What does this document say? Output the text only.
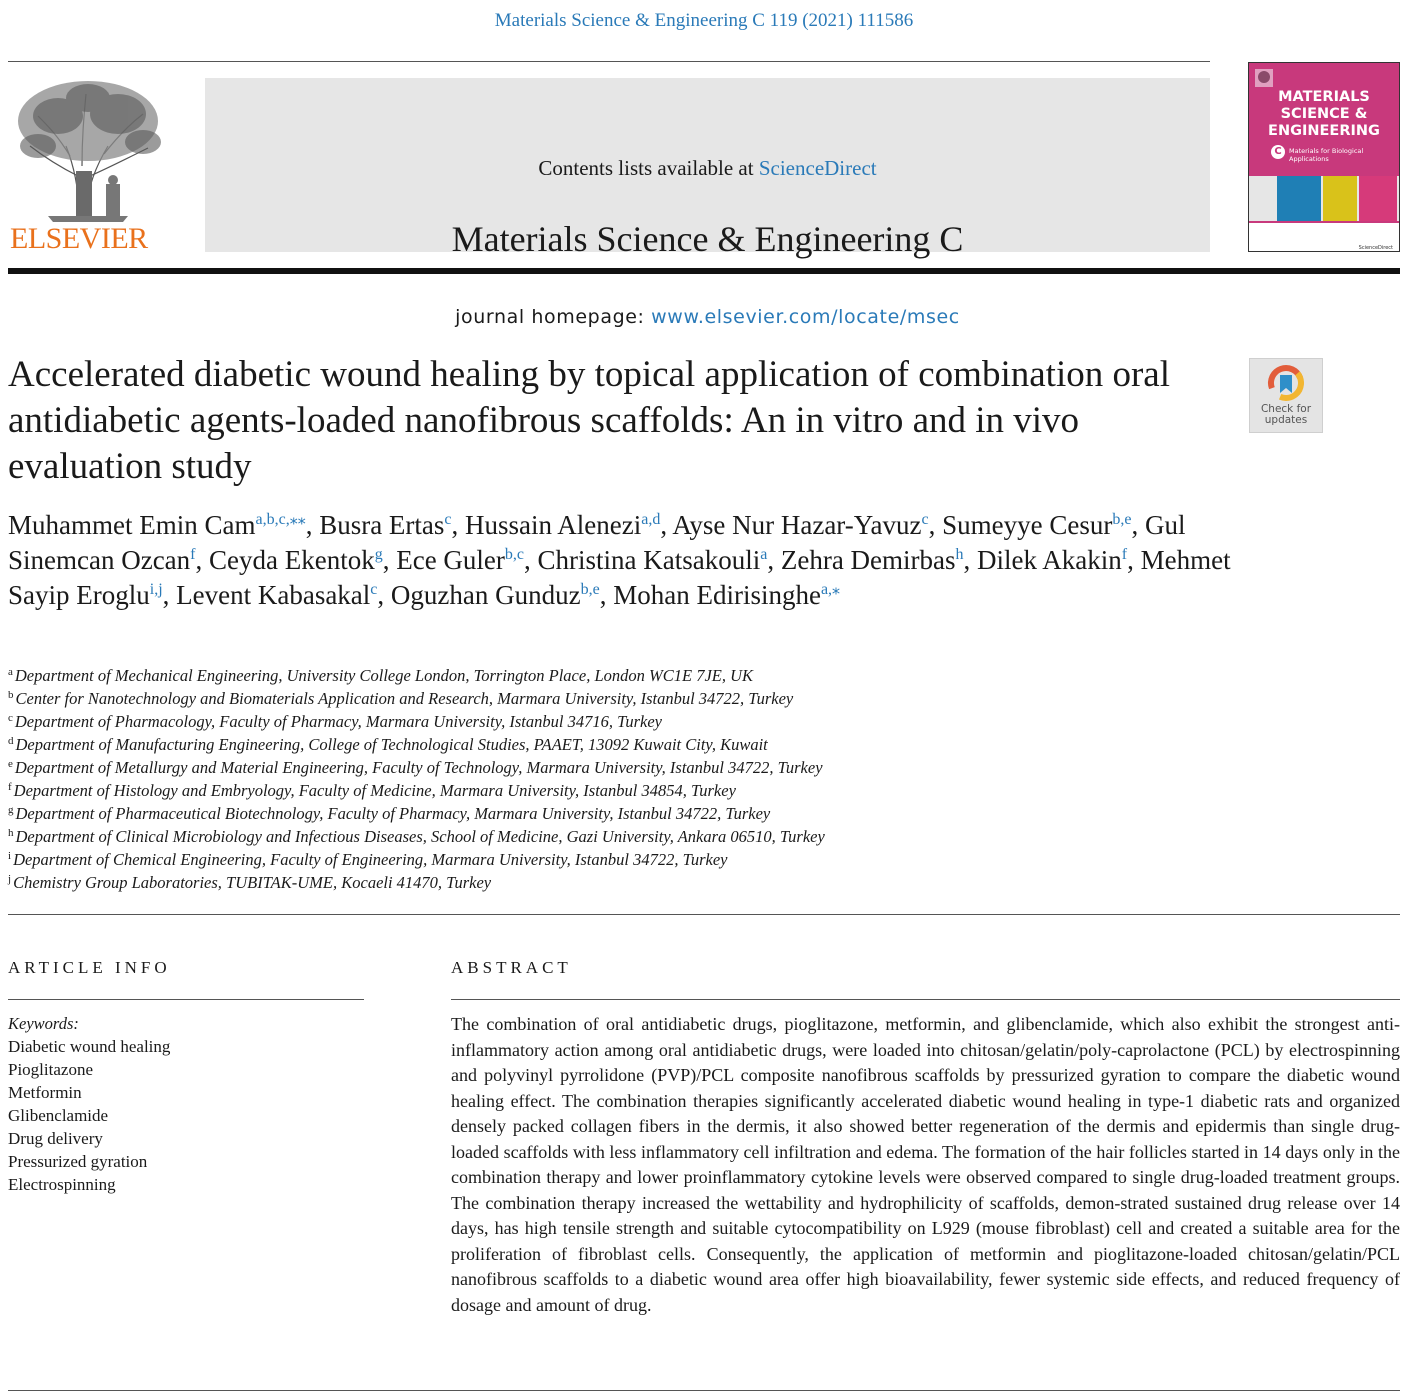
Materials Science & Engineering C 119 (2021) 111586
ELSEVIER
Contents lists available at ScienceDirect
Materials Science & Engineering C
journal homepage: www.elsevier.com/locate/msec
MATERIALS
SCIENCE &
ENGINEERING
C	Materials for Biological Applications
ScienceDirect
Accelerated diabetic wound healing by topical application of combination oral antidiabetic agents-loaded nanofibrous scaffolds: An in vitro and in vivo evaluation study
Check for
updates
Muhammet Emin Cam$^{a,b,c,⁎⁎}$, Busra Ertas$^c$, Hussain Alenezi$^{a,d}$, Ayse Nur Hazar-Yavuz$^c$, Sumeyye Cesur$^{b,e}$, Gul Sinemcan Ozcan$^f$, Ceyda Ekentok$^g$, Ece Guler$^{b,c}$, Christina Katsakouli$^a$, Zehra Demirbas$^h$, Dilek Akakin$^f$, Mehmet Sayip Eroglu$^{i,j}$, Levent Kabasakal$^c$, Oguzhan Gunduz$^{b,e}$, Mohan Edirisinghe$^{a,⁎}$
$^a$ Department of Mechanical Engineering, University College London, Torrington Place, London WC1E 7JE, UK
$^b$ Center for Nanotechnology and Biomaterials Application and Research, Marmara University, Istanbul 34722, Turkey
$^c$ Department of Pharmacology, Faculty of Pharmacy, Marmara University, Istanbul 34716, Turkey
$^d$ Department of Manufacturing Engineering, College of Technological Studies, PAAET, 13092 Kuwait City, Kuwait
$^e$ Department of Metallurgy and Material Engineering, Faculty of Technology, Marmara University, Istanbul 34722, Turkey
$^f$ Department of Histology and Embryology, Faculty of Medicine, Marmara University, Istanbul 34854, Turkey
$^g$ Department of Pharmaceutical Biotechnology, Faculty of Pharmacy, Marmara University, Istanbul 34722, Turkey
$^h$ Department of Clinical Microbiology and Infectious Diseases, School of Medicine, Gazi University, Ankara 06510, Turkey
$^i$ Department of Chemical Engineering, Faculty of Engineering, Marmara University, Istanbul 34722, Turkey
$^j$ Chemistry Group Laboratories, TUBITAK-UME, Kocaeli 41470, Turkey
ARTICLE INFO
Keywords:
Diabetic wound healing
Pioglitazone
Metformin
Glibenclamide
Drug delivery
Pressurized gyration
Electrospinning
ABSTRACT

The combination of oral antidiabetic drugs, pioglitazone, metformin, and glibenclamide, which also exhibit the strongest anti-inflammatory action among oral antidiabetic drugs, were loaded into chitosan/gelatin/poly-caprolactone (PCL) by electrospinning and polyvinyl pyrrolidone (PVP)/PCL composite nanofibrous scaffolds by pressurized gyration to compare the diabetic wound healing effect. The combination therapies significantly accelerated diabetic wound healing in type-1 diabetic rats and organized densely packed collagen fibers in the dermis, it also showed better regeneration of the dermis and epidermis than single drug-loaded scaffolds with less inflammatory cell infiltration and edema. The formation of the hair follicles started in 14 days only in the combination therapy and lower proinflammatory cytokine levels were observed compared to single drug-loaded treatment groups. The combination therapy increased the wettability and hydrophilicity of scaffolds, demon-strated sustained drug release over 14 days, has high tensile strength and suitable cytocompatibility on L929 (mouse fibroblast) cell and created a suitable area for the proliferation of fibroblast cells. Consequently, the application of metformin and pioglitazone-loaded chitosan/gelatin/PCL nanofibrous scaffolds to a diabetic wound area offer high bioavailability, fewer systemic side effects, and reduced frequency of dosage and amount of drug.
